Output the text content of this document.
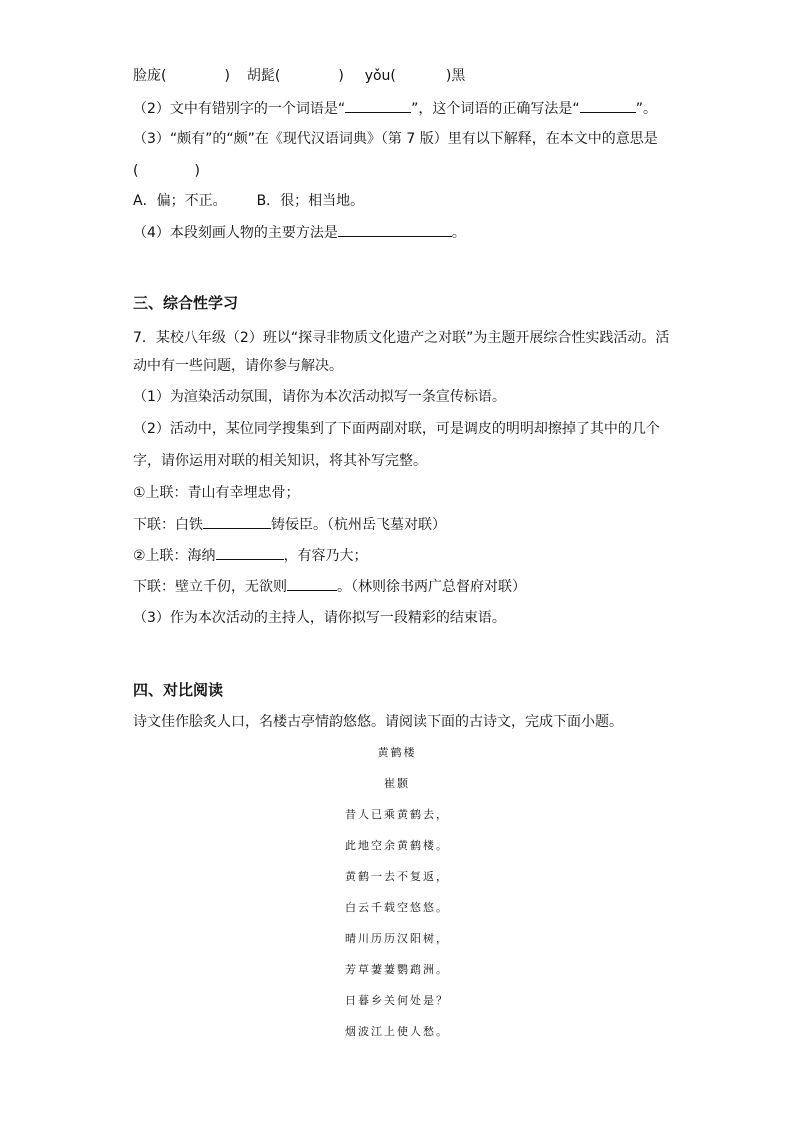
脸庞(	) 胡髭(	) yǒu(	)黑
（2）文中有错别字的一个词语是“	”，这个词语的正确写法是“	”。
（3）“颇有”的“颇”在《现代汉语词典》（第 7 版）里有以下解释，在本文中的意思是
(　　　　)
A．偏；不正。 B．很；相当地。
（4）本段刻画人物的主要方法是	。
三、综合性学习
7．某校八年级（2）班以“探寻非物质文化遗产之对联”为主题开展综合性实践活动。活
动中有一些问题，请你参与解决。
（1）为渲染活动氛围，请你为本次活动拟写一条宣传标语。
（2）活动中，某位同学搜集到了下面两副对联，可是调皮的明明却擦掉了其中的几个
字，请你运用对联的相关知识，将其补写完整。
①上联：青山有幸埋忠骨；
下联：白铁	铸佞臣。（杭州岳飞墓对联）
②上联：海纳	，有容乃大；
下联：壁立千仞，无欲则	。（林则徐书两广总督府对联）
（3）作为本次活动的主持人，请你拟写一段精彩的结束语。
四、对比阅读
诗文佳作脍炙人口，名楼古亭情韵悠悠。请阅读下面的古诗文，完成下面小题。
黄鹤楼
崔颢
昔人已乘黄鹤去，
此地空余黄鹤楼。
黄鹤一去不复返，
白云千载空悠悠。
晴川历历汉阳树，
芳草萋萋鹦鹉洲。
日暮乡关何处是？
烟波江上使人愁。
